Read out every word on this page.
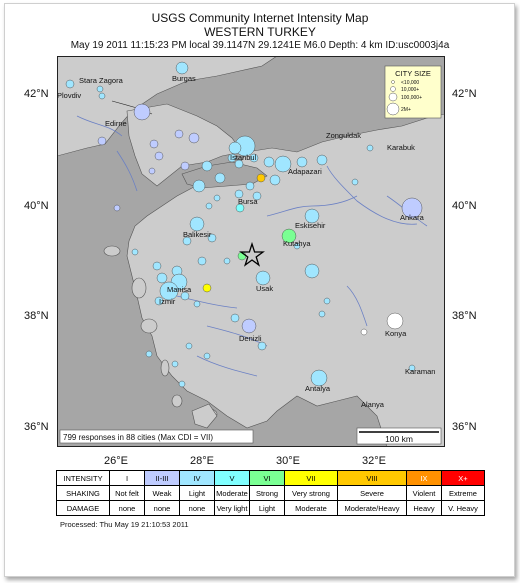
USGS Community Internet Intensity Map
WESTERN TURKEY
May 19 2011 11:15:23 PM local 39.1147N 29.1241E M6.0 Depth: 4 km ID:usc0003j4a
42°N
40°N
38°N
36°N
42°N
40°N
38°N
36°N
26°E	28°E	30°E	32°E
Stara Zagora
Plovdiv
Burgas
Edirne
Istanbul
Zonguldak
Karabuk
Adapazari
Bursa
Eskisehir
Ankara
Balikesir
Kutahya
Manisa
Izmir
Usak
Denizli
Konya
Antalya
Karaman
Alanya
CITY SIZE
<10,000
10,000+
100,000+
2M+
799 responses in 88 cities (Max CDI = VII)	100 km
INTENSITY	I	II-III	IV	V	VI	VII	VIII	IX	X+
SHAKING	Not felt	Weak	Light	Moderate	Strong	Very strong	Severe	Violent	Extreme
DAMAGE	none	none	none	Very light	Light	Moderate	Moderate/Heavy	Heavy	V. Heavy
Processed: Thu May 19 21:10:53 2011
